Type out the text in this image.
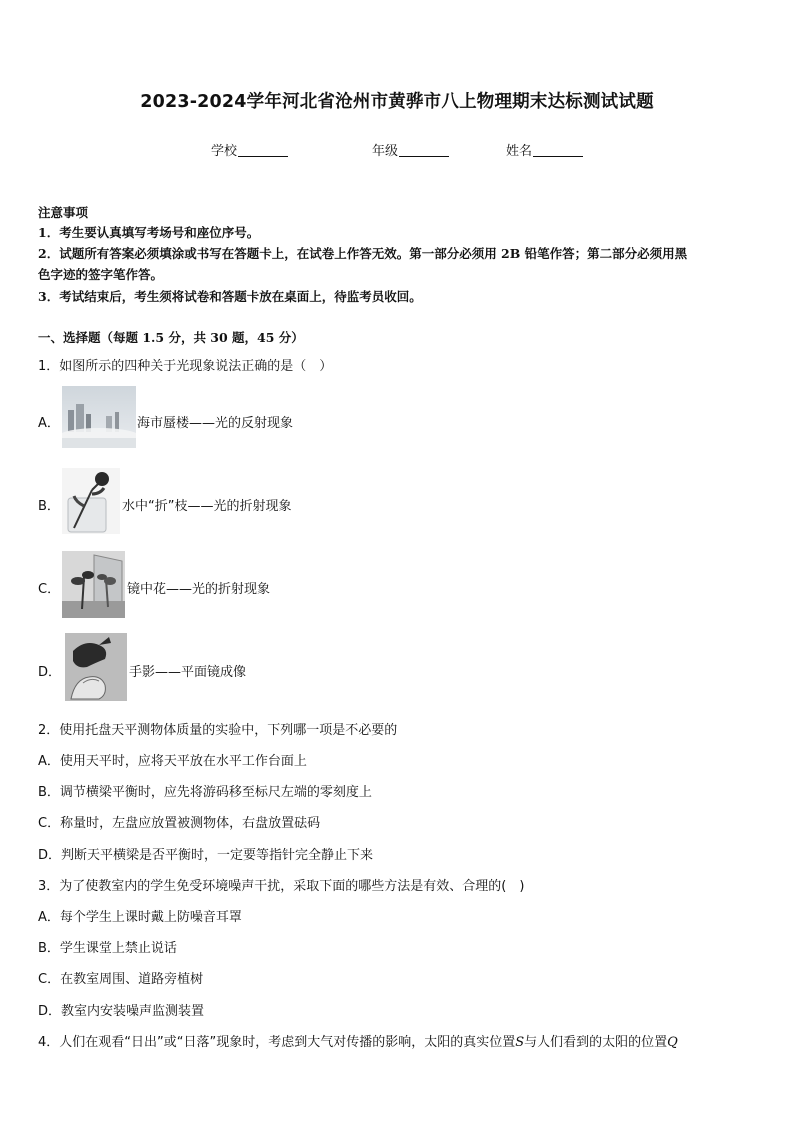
2023-2024学年河北省沧州市黄骅市八上物理期末达标测试试题
学校	年级	姓名
注意事项
1．考生要认真填写考场号和座位序号。
2．试题所有答案必须填涂或书写在答题卡上，在试卷上作答无效。第一部分必须用 2B 铅笔作答；第二部分必须用黑
色字迹的签字笔作答。
3．考试结束后，考生须将试卷和答题卡放在桌面上，待监考员收回。
一、选择题（每题 1.5 分，共 30 题，45 分）
1．如图所示的四种关于光现象说法正确的是（　）
A．	海市蜃楼——光的反射现象
B．	水中“折”枝——光的折射现象
C．	镜中花——光的折射现象
D．	手影——平面镜成像
2．使用托盘天平测物体质量的实验中，下列哪一项是不必要的
A．使用天平时，应将天平放在水平工作台面上
B．调节横梁平衡时，应先将游码移至标尺左端的零刻度上
C．称量时，左盘应放置被测物体，右盘放置砝码
D．判断天平横梁是否平衡时，一定要等指针完全静止下来
3．为了使教室内的学生免受环境噪声干扰，采取下面的哪些方法是有效、合理的(　)
A．每个学生上课时戴上防噪音耳罩
B．学生课堂上禁止说话
C．在教室周围、道路旁植树
D．教室内安装噪声监测装置
4．人们在观看“日出”或“日落”现象时，考虑到大气对传播的影响，太阳的真实位置S与人们看到的太阳的位置Q
